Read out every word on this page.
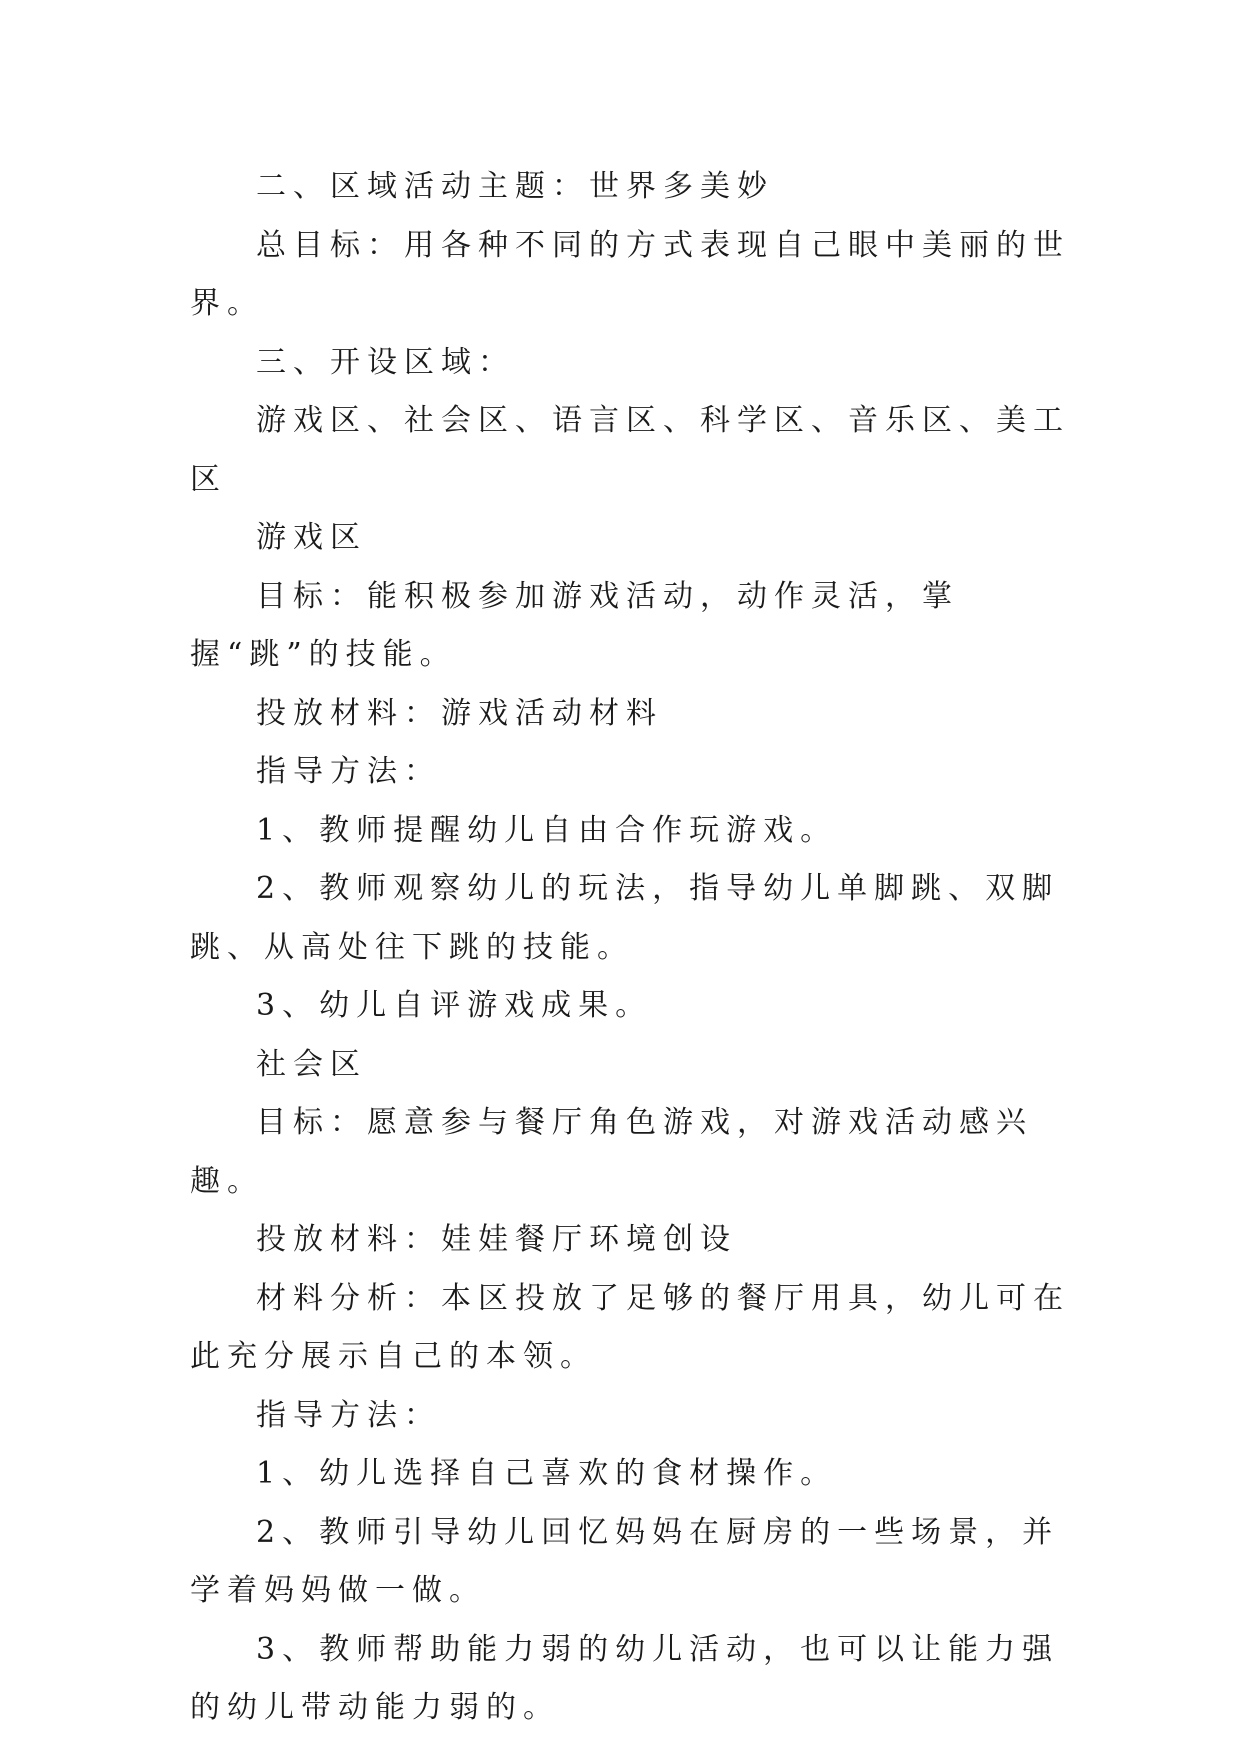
二、区域活动主题：世界多美妙

总目标：用各种不同的方式表现自己眼中美丽的世界。

三、开设区域：

游戏区、社会区、语言区、科学区、音乐区、美工区

游戏区

目标：能积极参加游戏活动，动作灵活，掌握“跳”的技能。

投放材料：游戏活动材料

指导方法：

1、教师提醒幼儿自由合作玩游戏。

2、教师观察幼儿的玩法，指导幼儿单脚跳、双脚跳、从高处往下跳的技能。

3、幼儿自评游戏成果。

社会区

目标：愿意参与餐厅角色游戏，对游戏活动感兴趣。

投放材料：娃娃餐厅环境创设

材料分析：本区投放了足够的餐厅用具，幼儿可在此充分展示自己的本领。

指导方法：

1、幼儿选择自己喜欢的食材操作。

2、教师引导幼儿回忆妈妈在厨房的一些场景，并学着妈妈做一做。

3、教师帮助能力弱的幼儿活动，也可以让能力强的幼儿带动能力弱的。
